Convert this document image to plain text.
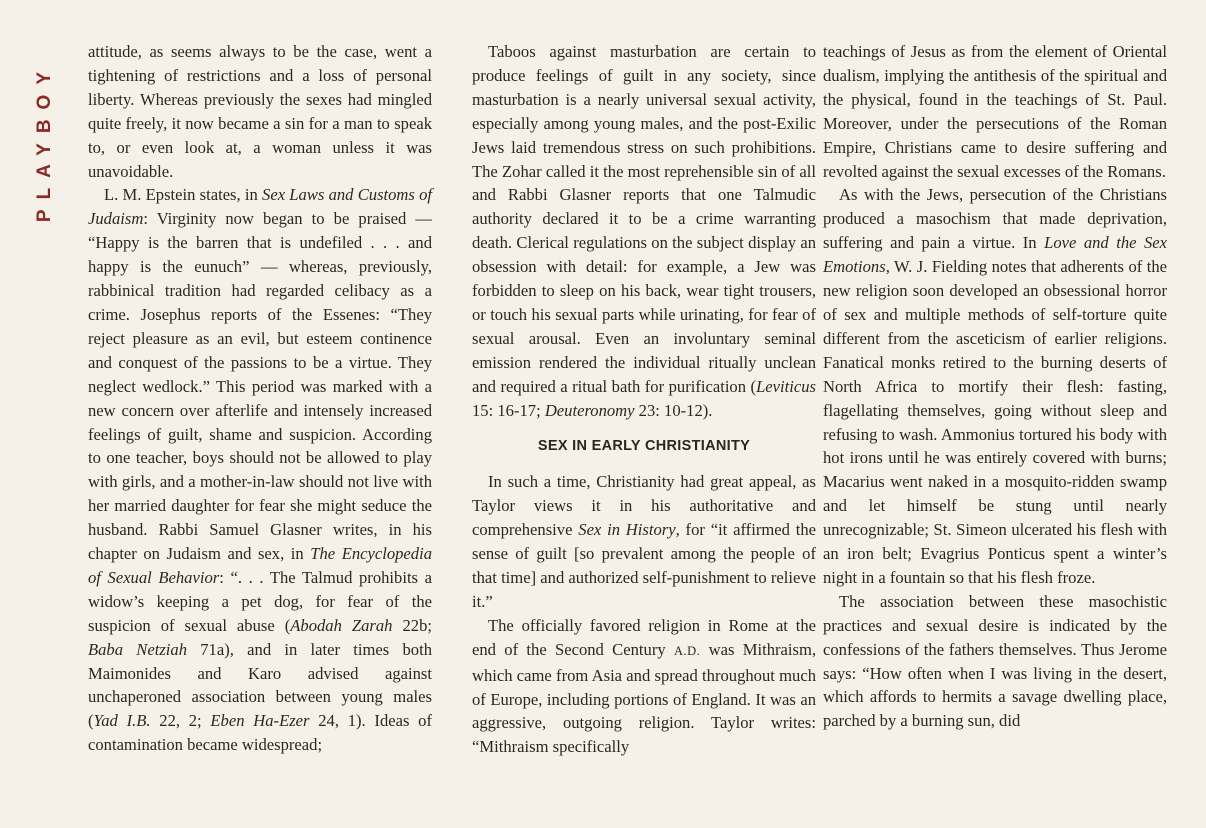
PLAYBOY

attitude, as seems always to be the case, went a tightening of restrictions and a loss of personal liberty. Whereas previously the sexes had mingled quite freely, it now became a sin for a man to speak to, or even look at, a woman unless it was unavoidable.

L. M. Epstein states, in Sex Laws and Customs of Judaism: Virginity now began to be praised — “Happy is the barren that is undefiled . . . and happy is the eunuch” — whereas, previously, rabbinical tradition had regarded celibacy as a crime. Josephus reports of the Essenes: “They reject pleasure as an evil, but esteem continence and conquest of the passions to be a virtue. They neglect wedlock.” This period was marked with a new concern over afterlife and intensely increased feelings of guilt, shame and suspicion. According to one teacher, boys should not be allowed to play with girls, and a mother-in-law should not live with her married daughter for fear she might seduce the husband. Rabbi Samuel Glasner writes, in his chapter on Judaism and sex, in The Encyclopedia of Sexual Behavior: “. . . The Talmud prohibits a widow’s keeping a pet dog, for fear of the suspicion of sexual abuse (Abodah Zarah 22b; Baba Netziah 71a), and in later times both Maimonides and Karo advised against unchaperoned association between young males (Yad I.B. 22, 2; Eben Ha-Ezer 24, 1). Ideas of contamination became widespread;

Taboos against masturbation are certain to produce feelings of guilt in any society, since masturbation is a nearly universal sexual activity, especially among young males, and the post-Exilic Jews laid tremendous stress on such prohibitions. The Zohar called it the most reprehensible sin of all and Rabbi Glasner reports that one Talmudic authority declared it to be a crime warranting death. Clerical regulations on the subject display an obsession with detail: for example, a Jew was forbidden to sleep on his back, wear tight trousers, or touch his sexual parts while urinating, for fear of sexual arousal. Even an involuntary seminal emission rendered the individual ritually unclean and required a ritual bath for purification (Leviticus 15: 16-17; Deuteronomy 23: 10-12).

SEX IN EARLY CHRISTIANITY

In such a time, Christianity had great appeal, as Taylor views it in his authoritative and comprehensive Sex in History, for “it affirmed the sense of guilt [so prevalent among the people of that time] and authorized self-punishment to relieve it.”

The officially favored religion in Rome at the end of the Second Century A.D. was Mithraism, which came from Asia and spread throughout much of Europe, including portions of England. It was an aggressive, outgoing religion. Taylor writes: “Mithraism specifically

teachings of Jesus as from the element of Oriental dualism, implying the antithesis of the spiritual and the physical, found in the teachings of St. Paul. Moreover, under the persecutions of the Roman Empire, Christians came to desire suffering and revolted against the sexual excesses of the Romans.

As with the Jews, persecution of the Christians produced a masochism that made deprivation, suffering and pain a virtue. In Love and the Sex Emotions, W. J. Fielding notes that adherents of the new religion soon developed an obsessional horror of sex and multiple methods of self-torture quite different from the asceticism of earlier religions. Fanatical monks retired to the burning deserts of North Africa to mortify their flesh: fasting, flagellating themselves, going without sleep and refusing to wash. Ammonius tortured his body with hot irons until he was entirely covered with burns; Macarius went naked in a mosquito-ridden swamp and let himself be stung until nearly unrecognizable; St. Simeon ulcerated his flesh with an iron belt; Evagrius Ponticus spent a winter’s night in a fountain so that his flesh froze.

The association between these masochistic practices and sexual desire is indicated by the confessions of the fathers themselves. Thus Jerome says: “How often when I was living in the desert, which affords to hermits a savage dwelling place, parched by a burning sun, did
